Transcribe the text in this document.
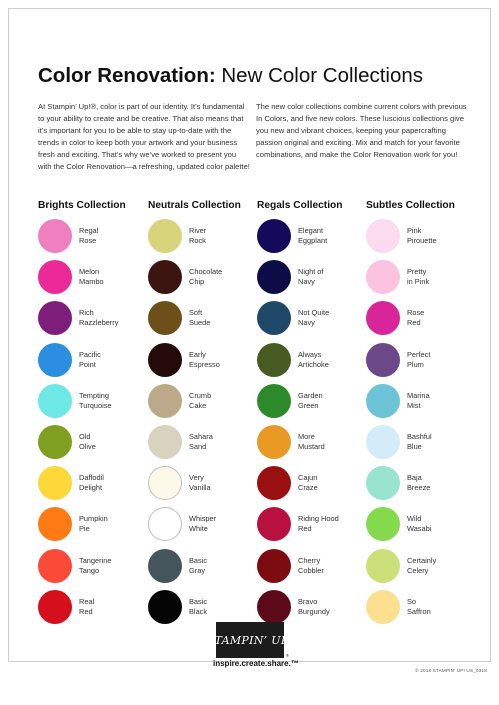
Color Renovation: New Color Collections
At Stampin’ Up!®, color is part of our identity. It’s fundamental to your ability to create and be creative. That also means that it’s important for you to be able to stay up-to-date with the trends in color to keep both your artwork and your business fresh and exciting. That’s why we’ve worked to present you with the Color Renovation—a refreshing, updated color palette!
The new color collections combine current colors with previous In Colors, and five new colors. These luscious collections give you new and vibrant choices, keeping your papercrafting passion original and exciting. Mix and match for your favorite combinations, and make the Color Renovation work for you!
Brights Collection Neutrals Collection Regals Collection Subtles Collection
Regal
Rose
Melon
Mambo
Rich
Razzleberry
Pacific
Point
Tempting
Turquoise
Old
Olive
Daffodil
Delight
Pumpkin
Pie
Tangerine
Tango
Real
Red
River
Rock
Chocolate
Chip
Soft
Suede
Early
Espresso
Crumb
Cake
Sahara
Sand
Very
Vanilla
Whisper
White
Basic
Gray
Basic
Black
Elegant
Eggplant
Night of
Navy
Not Quite
Navy
Always
Artichoke
Garden
Green
More
Mustard
Cajun
Craze
Riding Hood
Red
Cherry
Cobbler
Bravo
Burgundy
Pink
Pirouette
Pretty
in Pink
Rose
Red
Perfect
Plum
Marina
Mist
Bashful
Blue
Baja
Breeze
Wild
Wasabi
Certainly
Celery
So
Saffron
STAMPIN’ UP!
®
inspire.create.share.™
© 2018 STAMPIN’ UP! US_0318
